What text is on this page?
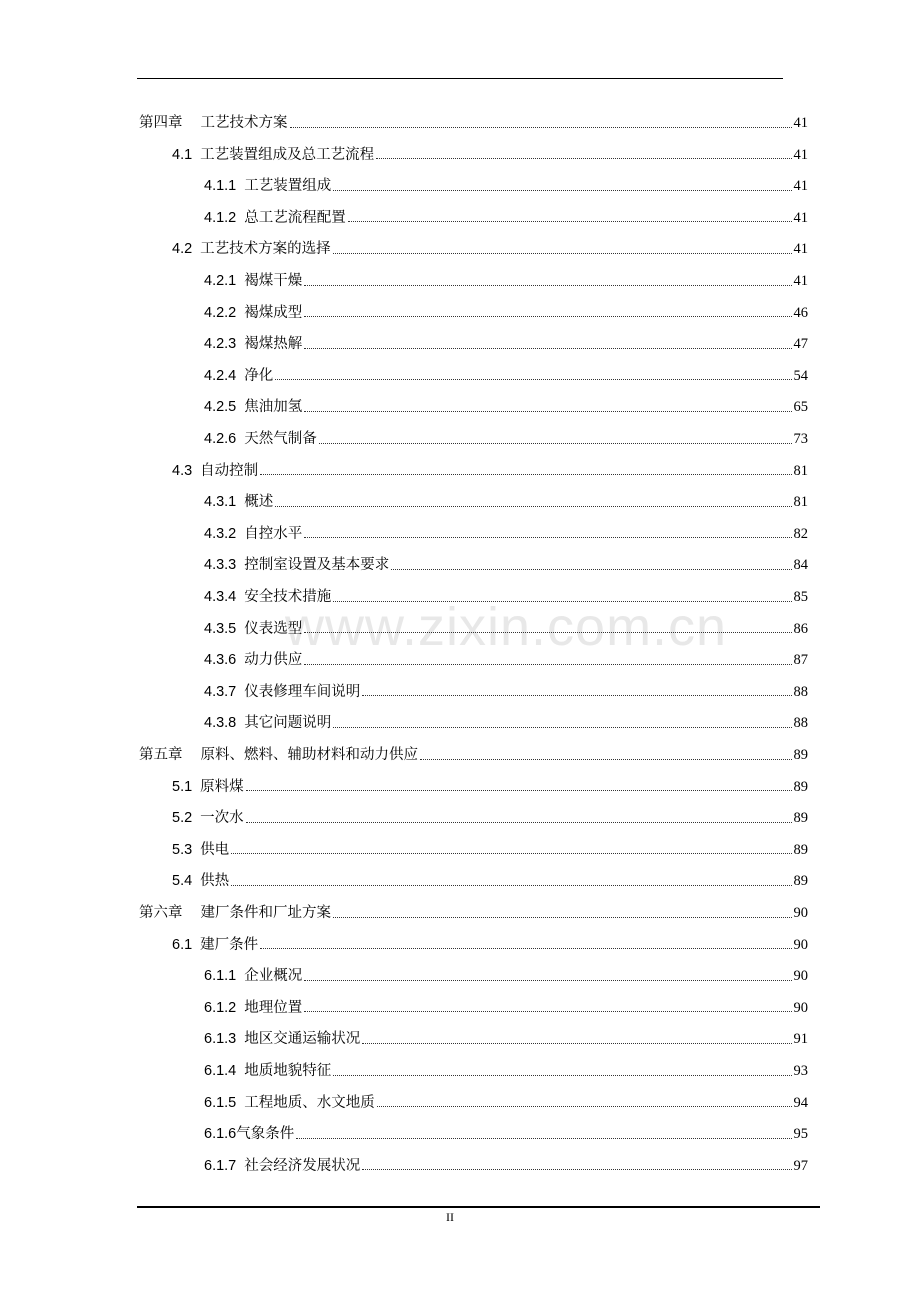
www.zixin.com.cn
第四章 工艺技术方案	41
4.1 工艺装置组成及总工艺流程	41
4.1.1 工艺装置组成	41
4.1.2 总工艺流程配置	41
4.2 工艺技术方案的选择	41
4.2.1 褐煤干燥	41
4.2.2 褐煤成型	46
4.2.3 褐煤热解	47
4.2.4 净化	54
4.2.5 焦油加氢	65
4.2.6 天然气制备	73
4.3 自动控制	81
4.3.1 概述	81
4.3.2 自控水平	82
4.3.3 控制室设置及基本要求	84
4.3.4 安全技术措施	85
4.3.5 仪表选型	86
4.3.6 动力供应	87
4.3.7 仪表修理车间说明	88
4.3.8 其它问题说明	88
第五章 原料、燃料、辅助材料和动力供应	89
5.1 原料煤	89
5.2 一次水	89
5.3 供电	89
5.4 供热	89
第六章 建厂条件和厂址方案	90
6.1 建厂条件	90
6.1.1 企业概况	90
6.1.2 地理位置	90
6.1.3 地区交通运输状况	91
6.1.4 地质地貌特征	93
6.1.5 工程地质、水文地质	94
6.1.6 气象条件	95
6.1.7 社会经济发展状况	97
II
